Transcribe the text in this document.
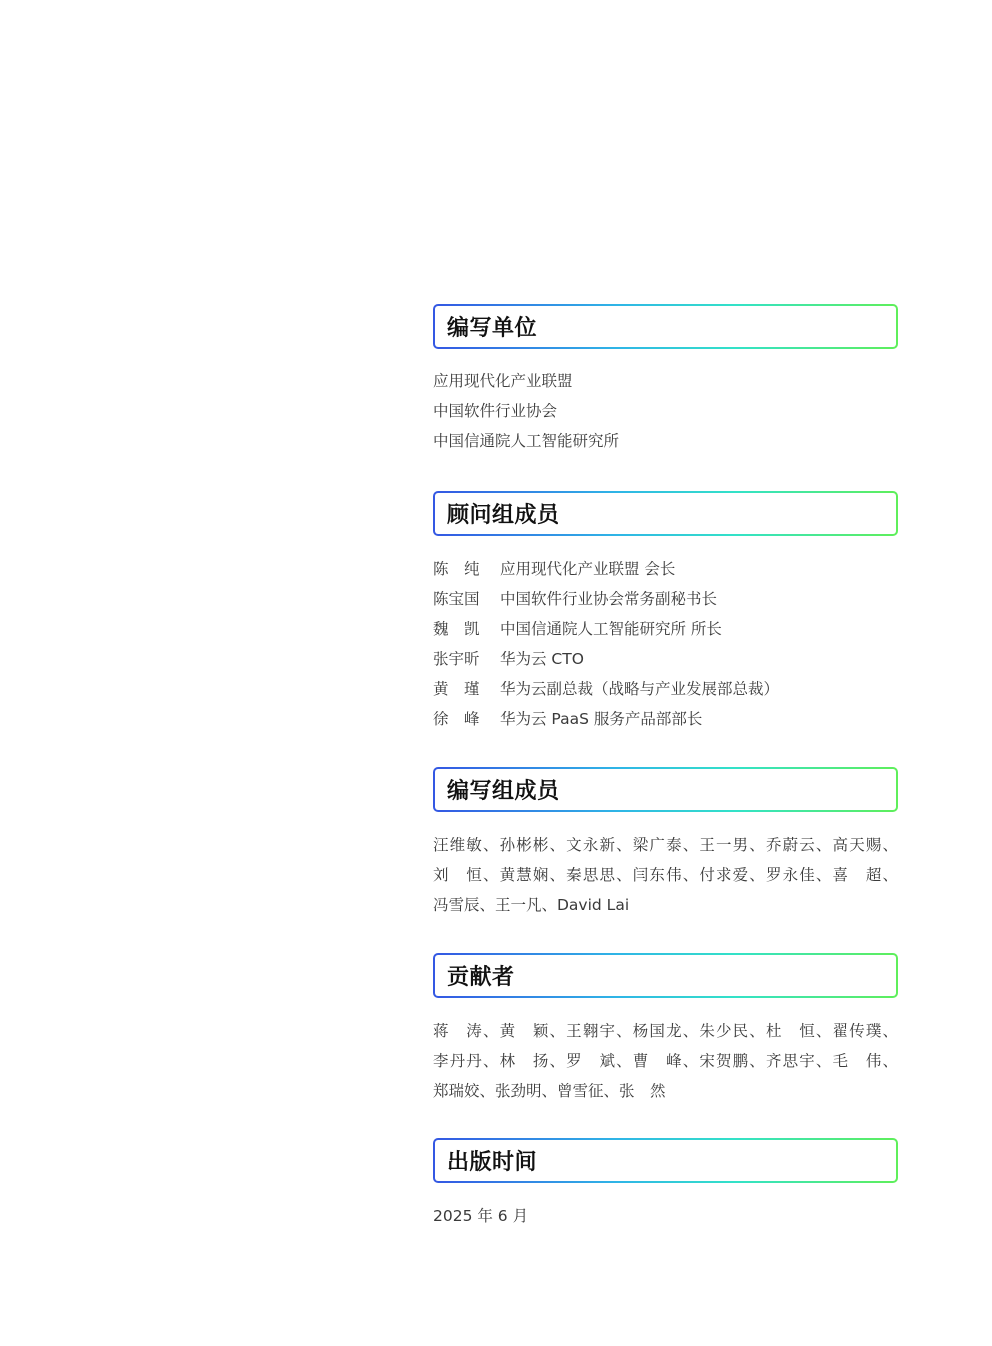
编写单位
应用现代化产业联盟
中国软件行业协会
中国信通院人工智能研究所
顾问组成员
陈　纯	应用现代化产业联盟 会长
陈宝国	中国软件行业协会常务副秘书长
魏　凯	中国信通院人工智能研究所 所长
张宇昕	华为云 CTO
黄　瑾	华为云副总裁（战略与产业发展部总裁）
徐　峰	华为云 PaaS 服务产品部部长
编写组成员
汪维敏、孙彬彬、文永新、梁广泰、王一男、乔蔚云、高天赐、
刘　恒、黄慧娴、秦思思、闫东伟、付求爱、罗永佳、喜　超、
冯雪辰、王一凡、David Lai
贡献者
蒋　涛、黄　颖、王翱宇、杨国龙、朱少民、杜　恒、翟传璞、
李丹丹、林　扬、罗　斌、曹　峰、宋贺鹏、齐思宇、毛　伟、
郑瑞姣、张劲明、曾雪征、张　然
出版时间
2025 年 6 月
